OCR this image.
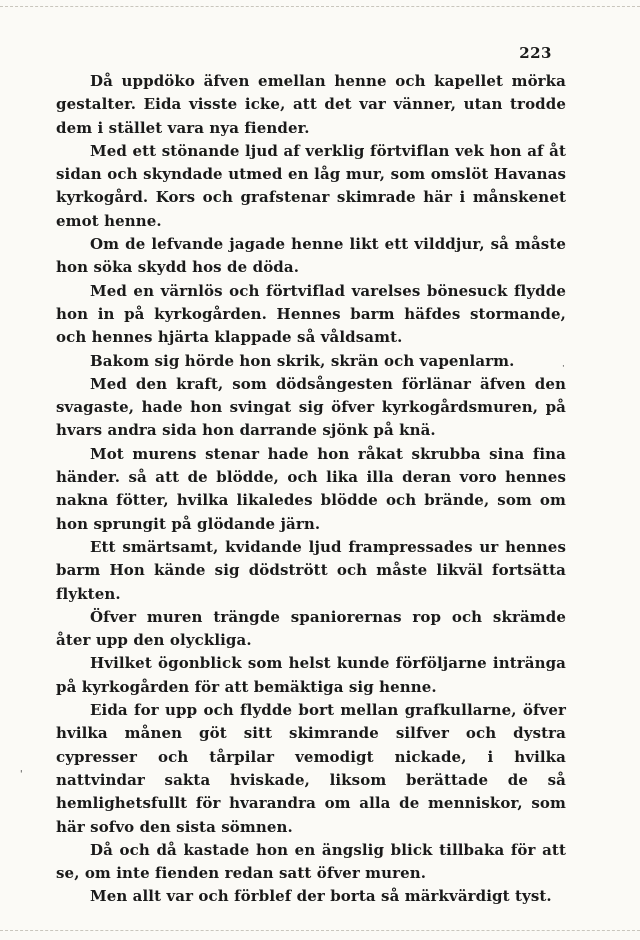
223

Då uppdöko äfven emellan henne och kapellet mörka gestalter. Eida visste icke, att det var vänner, utan trodde dem i stället vara nya fiender.

Med ett stönande ljud af verklig förtviflan vek hon af åt sidan och skyndade utmed en låg mur, som omslöt Havanas kyrkogård. Kors och grafstenar skimrade här i månskenet emot henne.

Om de lefvande jagade henne likt ett vilddjur, så måste hon söka skydd hos de döda.

Med en värnlös och förtviflad varelses bönesuck flydde hon in på kyrkogården. Hennes barm häfdes stormande, och hennes hjärta klappade så våldsamt.

Bakom sig hörde hon skrik, skrän och vapenlarm.

Med den kraft, som dödsångesten förlänar äfven den svagaste, hade hon svingat sig öfver kyrkogårdsmuren, på hvars andra sida hon darrande sjönk på knä.

Mot murens stenar hade hon råkat skrubba sina fina händer. så att de blödde, och lika illa deran voro hennes nakna fötter, hvilka likaledes blödde och brände, som om hon sprungit på glödande järn.

Ett smärtsamt, kvidande ljud frampressades ur hennes barm Hon kände sig dödstrött och måste likväl fortsätta flykten.

Öfver muren trängde spaniorernas rop och skrämde åter upp den olyckliga.

Hvilket ögonblick som helst kunde förföljarne intränga på kyrkogården för att bemäktiga sig henne.

Eida for upp och flydde bort mellan grafkullarne, öfver hvilka månen göt sitt skimrande silfver och dystra cypresser och tårpilar vemodigt nickade, i hvilka nattvindar sakta hviskade, liksom berättade de så hemlighetsfullt för hvarandra om alla de menniskor, som här sofvo den sista sömnen.

Då och då kastade hon en ängslig blick tillbaka för att se, om inte fienden redan satt öfver muren.

Men allt var och förblef der borta så märkvärdigt tyst.

'
·
